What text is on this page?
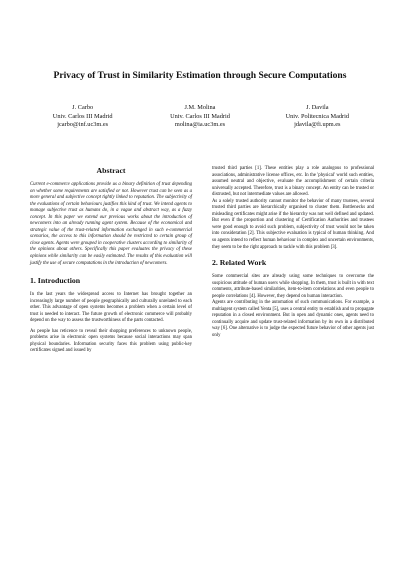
Privacy of Trust in Similarity Estimation through Secure Computations
J. Carbo
Univ. Carlos III Madrid
jcarbo@inf.uc3m.es
J.M. Molina
Univ. Carlos III Madrid
molina@ia.uc3m.es
J. Davila
Univ. Politecnica Madrid
jdavila@fi.upm.es
Abstract

Current e-commerce applications provide us a binary definition of trust depending on whether some requirements are satisfied or not. However trust can be seen as a more general and subjective concept tightly linked to reputation. The subjectivity of the evaluations of certain behaviours justifies this kind of trust. We intend agents to manage subjective trust as humans do, in a vague and abstract way, as a fuzzy concept. In this paper we extend our previous works about the introduction of newcomers into an already running agent system. Because of the economical and strategic value of the trust-related information exchanged in such e-commercial scenarios, the access to this information should be restricted to certain group of close agents. Agents were grouped in cooperative clusters according to similarity of the opinions about others. Specifically this paper evaluates the privacy of these opinions while similarity can be easily estimated. The results of this evaluation will justify the use of secure computations in the introduction of newcomers.

1. Introduction

In the last years the widespread access to Internet has brought together an increasingly large number of people geographically and culturally unrelated to each other. This advantage of open systems becomes a problem when a certain level of trust is needed to interact. The future growth of electronic commerce will probably depend on the way to assess the trustworthiness of the parts contacted.

As people has reticence to reveal their shopping preferences to unknown people, problems arise in electronic open systems because social interactions may span physical boundaries. Information security faces this problem using public-key certificates signed and issued by

trusted third parties [1]. These entities play a role analogous to professional associations, administrative license offices, etc. In the 'physical' world such entities, assumed neutral and objective, evaluate the accomplishment of certain criteria universally accepted. Therefore, trust is a binary concept. An entity can be trusted or distrusted, but not intermediate values are allowed.

As a solely trusted authority cannot monitor the behavior of many trustees, several trusted third parties are hierarchically organised to cluster them. Bottlenecks and misleading certificates might arise if the hierarchy was not well defined and updated. But even if the proportion and clustering of Certification Authorities and trustees were good enough to avoid such problem, subjectivity of trust would not be taken into consideration [2]. This subjective evaluation is typical of human thinking. And so agents intend to reflect human behaviour in complex and uncertain environments, they seem to be the right approach to tackle with this problem [3].

2. Related Work

Some commercial sites are already using some techniques to overcome the suspicious attitude of human users while shopping. In them, trust is built in with text comments, attribute-based similarities, item-to-item correlations and even people to people correlations [4]. However, they depend on human interaction.

Agents are contributing in the automation of such communications. For example, a multiagent system called Yenta [5], uses a central entity to establish and to propagate reputation in a closed environment. But in open and dynamic ones, agents need to continually acquire and update trust-related information by its own in a distributed way [6]. One alternative is to judge the expected future behavior of other agents just only
